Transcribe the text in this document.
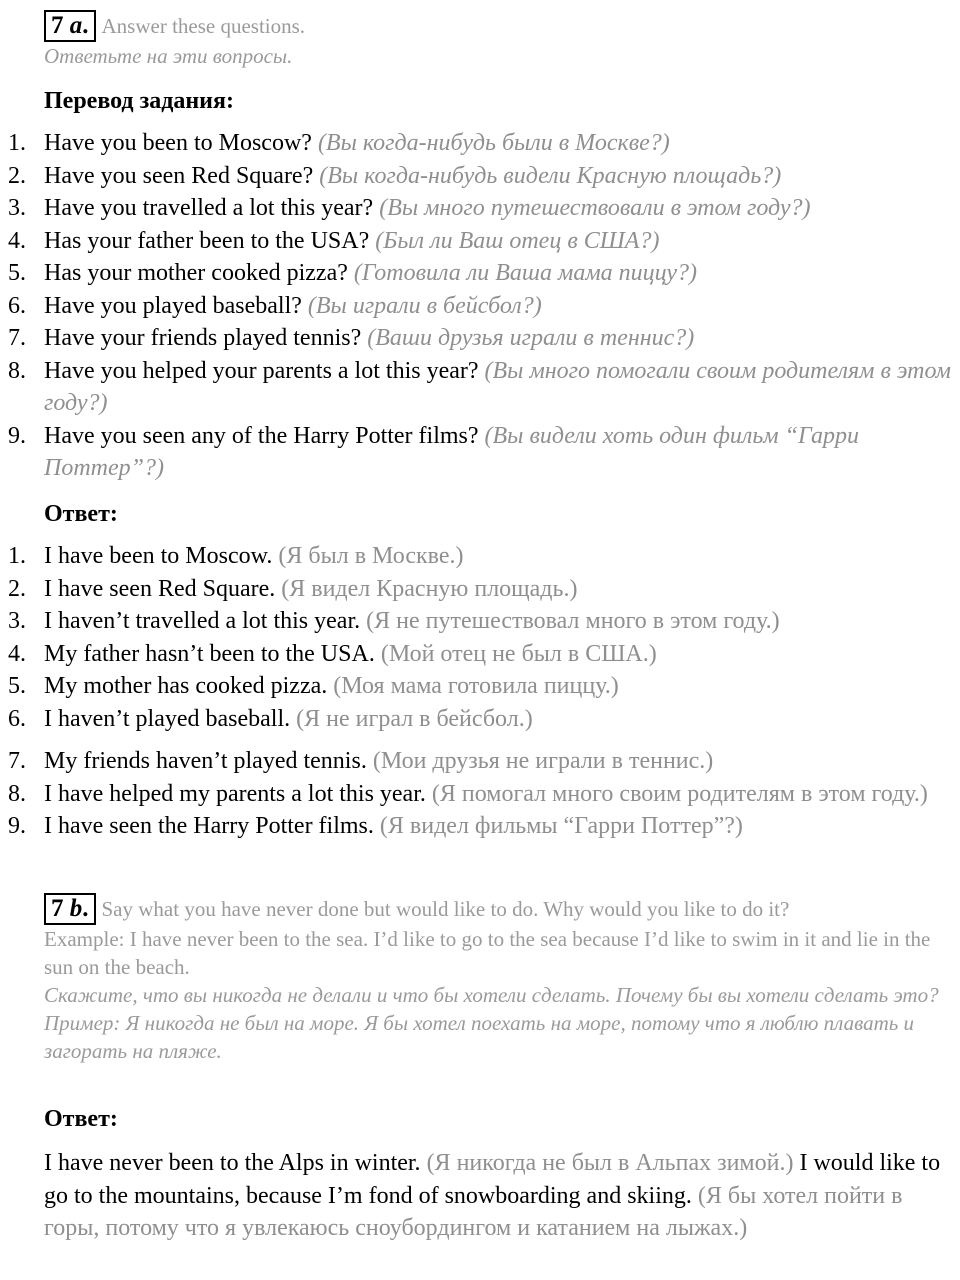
7 a. Answer these questions.
Ответьте на эти вопросы.
Перевод задания:
1. Have you been to Moscow? (Вы когда-нибудь были в Москве?)
2. Have you seen Red Square? (Вы когда-нибудь видели Красную площадь?)
3. Have you travelled a lot this year? (Вы много путешествовали в этом году?)
4. Has your father been to the USA? (Был ли Ваш отец в США?)
5. Has your mother cooked pizza? (Готовила ли Ваша мама пиццу?)
6. Have you played baseball? (Вы играли в бейсбол?)
7. Have your friends played tennis? (Ваши друзья играли в теннис?)
8. Have you helped your parents a lot this year? (Вы много помогали своим родителям в этом году?)
9. Have you seen any of the Harry Potter films? (Вы видели хоть один фильм “Гарри Поттер”?)
Ответ:
1. I have been to Moscow. (Я был в Москве.)
2. I have seen Red Square. (Я видел Красную площадь.)
3. I haven’t travelled a lot this year. (Я не путешествовал много в этом году.)
4. My father hasn’t been to the USA. (Мой отец не был в США.)
5. My mother has cooked pizza. (Моя мама готовила пиццу.)
6. I haven’t played baseball. (Я не играл в бейсбол.)
7. My friends haven’t played tennis. (Мои друзья не играли в теннис.)
8. I have helped my parents a lot this year. (Я помогал много своим родителям в этом году.)
9. I have seen the Harry Potter films. (Я видел фильмы “Гарри Поттер”?)
7 b. Say what you have never done but would like to do. Why would you like to do it?
Example: I have never been to the sea. I’d like to go to the sea because I’d like to swim in it and lie in the sun on the beach.
Скажите, что вы никогда не делали и что бы хотели сделать. Почему бы вы хотели сделать это?
Пример: Я никогда не был на море. Я бы хотел поехать на море, потому что я люблю плавать и загорать на пляже.
Ответ:
I have never been to the Alps in winter. (Я никогда не был в Альпах зимой.) I would like to go to the mountains, because I’m fond of snowboarding and skiing. (Я бы хотел пойти в горы, потому что я увлекаюсь сноубордингом и катанием на лыжах.)
